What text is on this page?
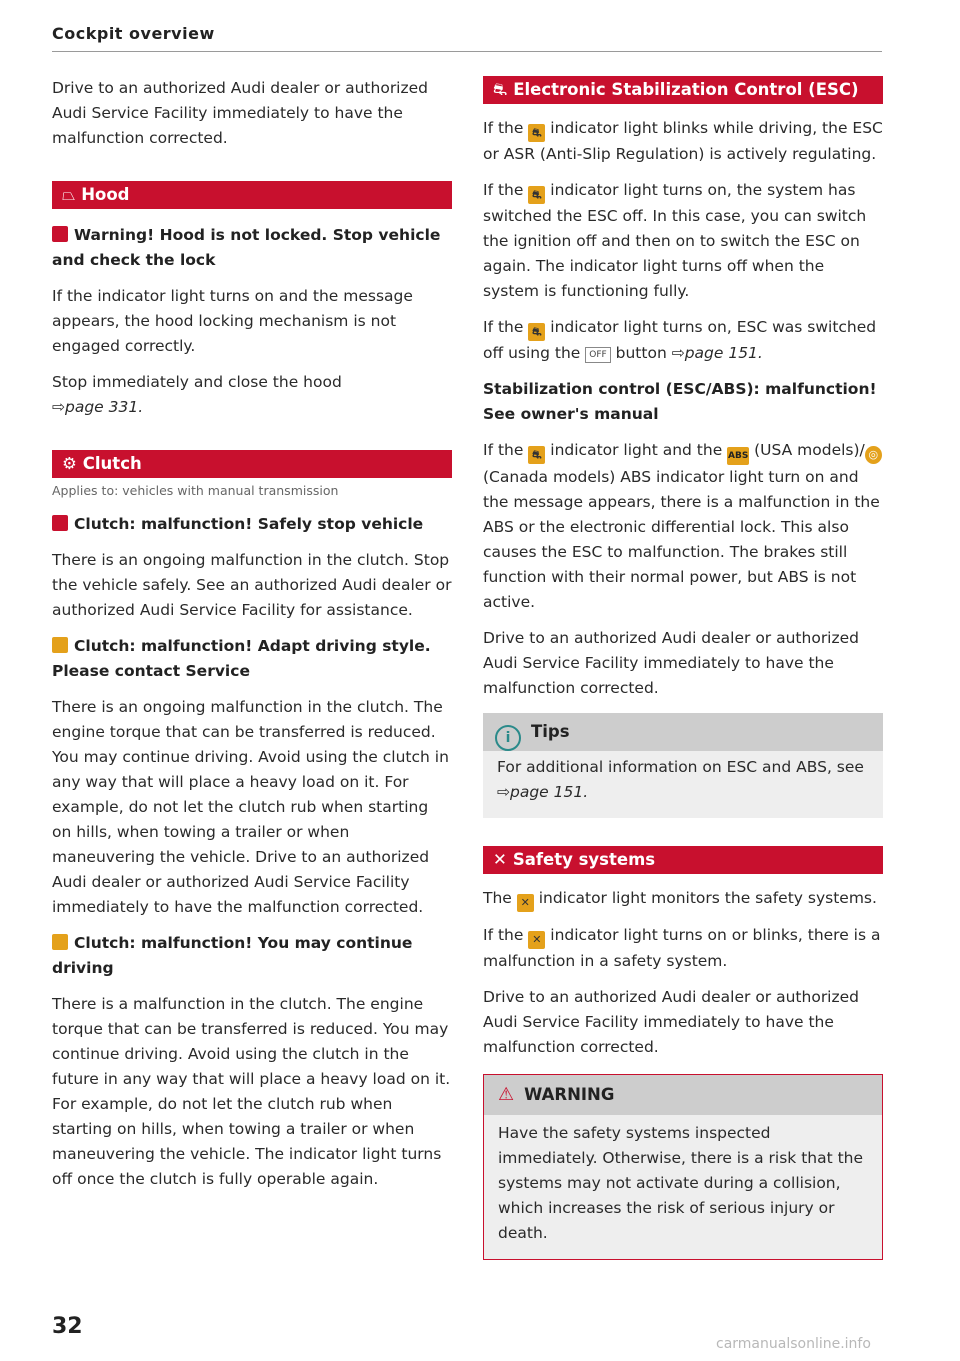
Cockpit overview

Drive to an authorized Audi dealer or authorized Audi Service Facility immediately to have the malfunction corrected.

⏢ Hood
Warning! Hood is not locked. Stop vehicle and check the lock

If the indicator light turns on and the message appears, the hood locking mechanism is not engaged correctly.

Stop immediately and close the hood
⇨page 331.

⚙ Clutch
Applies to: vehicles with manual transmission
Clutch: malfunction! Safely stop vehicle

There is an ongoing malfunction in the clutch. Stop the vehicle safely. See an authorized Audi dealer or authorized Audi Service Facility for assistance.

Clutch: malfunction! Adapt driving style. Please contact Service

There is an ongoing malfunction in the clutch. The engine torque that can be transferred is reduced. You may continue driving. Avoid using the clutch in any way that will place a heavy load on it. For example, do not let the clutch rub when starting on hills, when towing a trailer or when maneuvering the vehicle. Drive to an authorized Audi dealer or authorized Audi Service Facility immediately to have the malfunction corrected.

Clutch: malfunction! You may continue driving

There is a malfunction in the clutch. The engine torque that can be transferred is reduced. You may continue driving. Avoid using the clutch in the future in any way that will place a heavy load on it. For example, do not let the clutch rub when starting on hills, when towing a trailer or when maneuvering the vehicle. The indicator light turns off once the clutch is fully operable again.

⛐ Electronic Stabilization Control (ESC)

If the ⛐ indicator light blinks while driving, the ESC or ASR (Anti-Slip Regulation) is actively regulating.

If the ⛐ indicator light turns on, the system has switched the ESC off. In this case, you can switch the ignition off and then on to switch the ESC on again. The indicator light turns off when the system is functioning fully.

If the ⛐ indicator light turns on, ESC was switched off using the OFF button ⇨page 151.

Stabilization control (ESC/ABS): malfunction! See owner's manual

If the ⛐ indicator light and the ABS (USA models)/ ◎ (Canada models) ABS indicator light turn on and the message appears, there is a malfunction in the ABS or the electronic differential lock. This also causes the ESC to malfunction. The brakes still function with their normal power, but ABS is not active.

Drive to an authorized Audi dealer or authorized Audi Service Facility immediately to have the malfunction corrected.

i Tips

For additional information on ESC and ABS, see ⇨page 151.

✕ Safety systems

The ✕ indicator light monitors the safety systems.

If the ✕ indicator light turns on or blinks, there is a malfunction in a safety system.

Drive to an authorized Audi dealer or authorized Audi Service Facility immediately to have the malfunction corrected.

⚠ WARNING

Have the safety systems inspected immediately. Otherwise, there is a risk that the systems may not activate during a collision, which increases the risk of serious injury or death.

32
carmanualsonline.info
